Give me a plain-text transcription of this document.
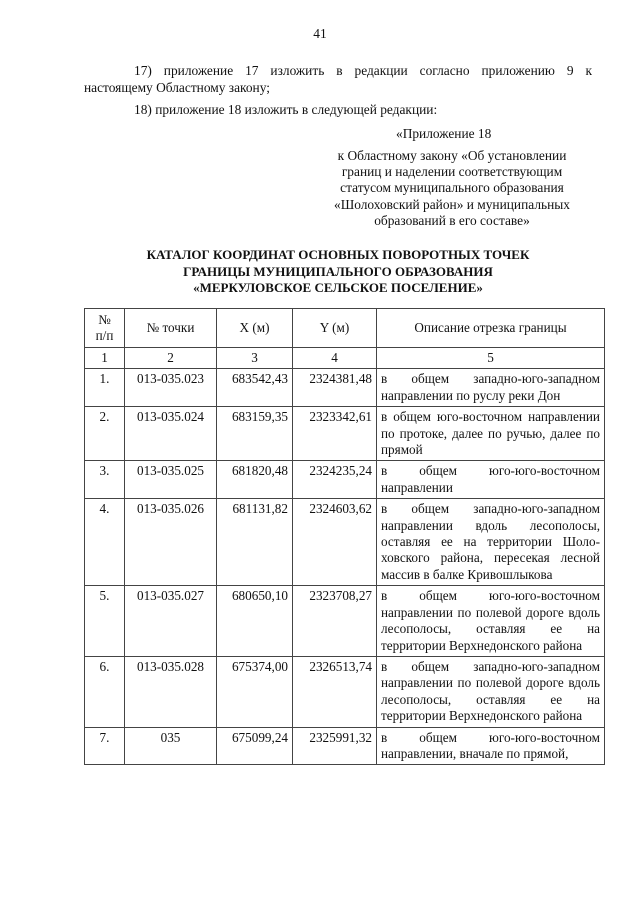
41
17) приложение 17 изложить в редакции согласно приложению 9 к
настоящему Областному закону;
18) приложение 18 изложить в следующей редакции:
«Приложение 18
к Областному закону «Об установлении
границ и наделении соответствующим
статусом муниципального образования
«Шолоховский район» и муниципальных
образований в его составе»
КАТАЛОГ КООРДИНАТ ОСНОВНЫХ ПОВОРОТНЫХ ТОЧЕК
ГРАНИЦЫ МУНИЦИПАЛЬНОГО ОБРАЗОВАНИЯ
«МЕРКУЛОВСКОЕ СЕЛЬСКОЕ ПОСЕЛЕНИЕ»
№
п/п	№ точки	X (м)	Y (м)	Описание отрезка границы
1	2	3	4	5
1.	013-035.023	683542,43	2324381,48	в общем западно-юго-западном направлении по руслу реки Дон
2.	013-035.024	683159,35	2323342,61	в общем юго-восточном направлении по протоке, далее по ручью, далее по прямой
3.	013-035.025	681820,48	2324235,24	в общем юго-юго-восточном направлении
4.	013-035.026	681131,82	2324603,62	в общем западно-юго-западном направлении вдоль лесополосы, оставляя ее на территории Шолоховского района, пересекая лесной массив в балке Кривошлыкова
5.	013-035.027	680650,10	2323708,27	в общем юго-юго-восточном направлении по полевой дороге вдоль лесополосы, оставляя ее на территории Верхнедонского района
6.	013-035.028	675374,00	2326513,74	в общем западно-юго-западном направлении по полевой дороге вдоль лесополосы, оставляя ее на территории Верхнедонского района
7.	035	675099,24	2325991,32	в общем юго-юго-восточном направлении, вначале по прямой,
